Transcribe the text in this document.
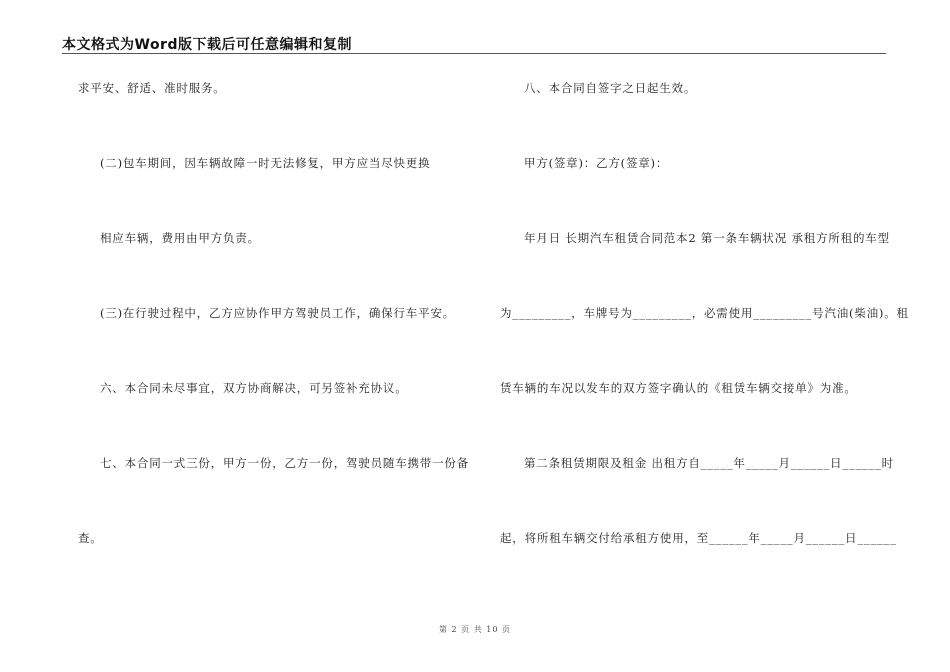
本文格式为Word版下载后可任意编辑和复制
求平安、舒适、准时服务。
(二)包车期间，因车辆故障一时无法修复，甲方应当尽快更换
相应车辆，费用由甲方负责。
(三)在行驶过程中，乙方应协作甲方驾驶员工作，确保行车平安。
六、本合同未尽事宜，双方协商解决，可另签补充协议。
七、本合同一式三份，甲方一份，乙方一份，驾驶员随车携带一份备
查。
八、本合同自签字之日起生效。
甲方(签章)：乙方(签章)：
年月日 长期汽车租赁合同范本2 第一条车辆状况 承租方所租的车型
为_________，车牌号为_________，必需使用_________号汽油(柴油)。租
赁车辆的车况以发车的双方签字确认的《租赁车辆交接单》为准。
第二条租赁期限及租金 出租方自_____年_____月______日______时
起，将所租车辆交付给承租方使用，至______年_____月______日______
第 2 页 共 10 页
